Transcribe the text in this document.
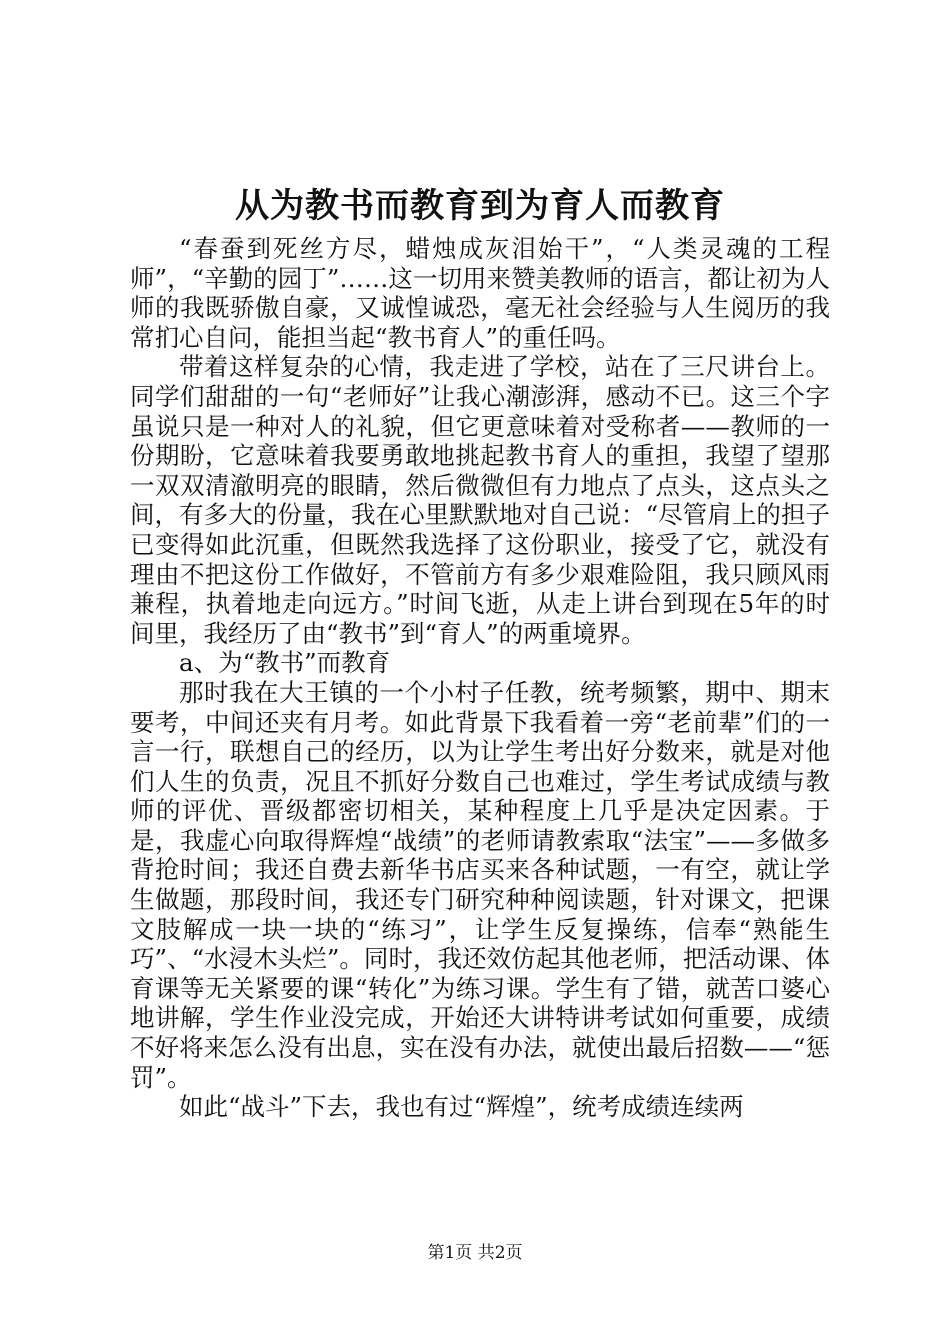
从为教书而教育到为育人而教育

“春蚕到死丝方尽，蜡烛成灰泪始干”，“人类灵魂的工程师”，“辛勤的园丁”……这一切用来赞美教师的语言，都让初为人师的我既骄傲自豪，又诚惶诚恐，毫无社会经验与人生阅历的我常扪心自问，能担当起“教书育人”的重任吗。

带着这样复杂的心情，我走进了学校，站在了三尺讲台上。同学们甜甜的一句“老师好”让我心潮澎湃，感动不已。这三个字虽说只是一种对人的礼貌，但它更意味着对受称者——教师的一份期盼，它意味着我要勇敢地挑起教书育人的重担，我望了望那一双双清澈明亮的眼睛，然后微微但有力地点了点头，这点头之间，有多大的份量，我在心里默默地对自己说：“尽管肩上的担子已变得如此沉重，但既然我选择了这份职业，接受了它，就没有理由不把这份工作做好，不管前方有多少艰难险阻，我只顾风雨兼程，执着地走向远方。”时间飞逝，从走上讲台到现在5年的时间里，我经历了由“教书”到“育人”的两重境界。

a、为“教书”而教育

那时我在大王镇的一个小村子任教，统考频繁，期中、期末要考，中间还夹有月考。如此背景下我看着一旁“老前辈”们的一言一行，联想自己的经历，以为让学生考出好分数来，就是对他们人生的负责，况且不抓好分数自己也难过，学生考试成绩与教师的评优、晋级都密切相关，某种程度上几乎是决定因素。于是，我虚心向取得辉煌“战绩”的老师请教索取“法宝”——多做多背抢时间；我还自费去新华书店买来各种试题，一有空，就让学生做题，那段时间，我还专门研究种种阅读题，针对课文，把课文肢解成一块一块的“练习”，让学生反复操练，信奉“熟能生巧”、“水浸木头烂”。同时，我还效仿起其他老师，把活动课、体育课等无关紧要的课“转化”为练习课。学生有了错，就苦口婆心地讲解，学生作业没完成，开始还大讲特讲考试如何重要，成绩不好将来怎么没有出息，实在没有办法，就使出最后招数——“惩罚”。

如此“战斗”下去，我也有过“辉煌”，统考成绩连续两

第1页 共2页
